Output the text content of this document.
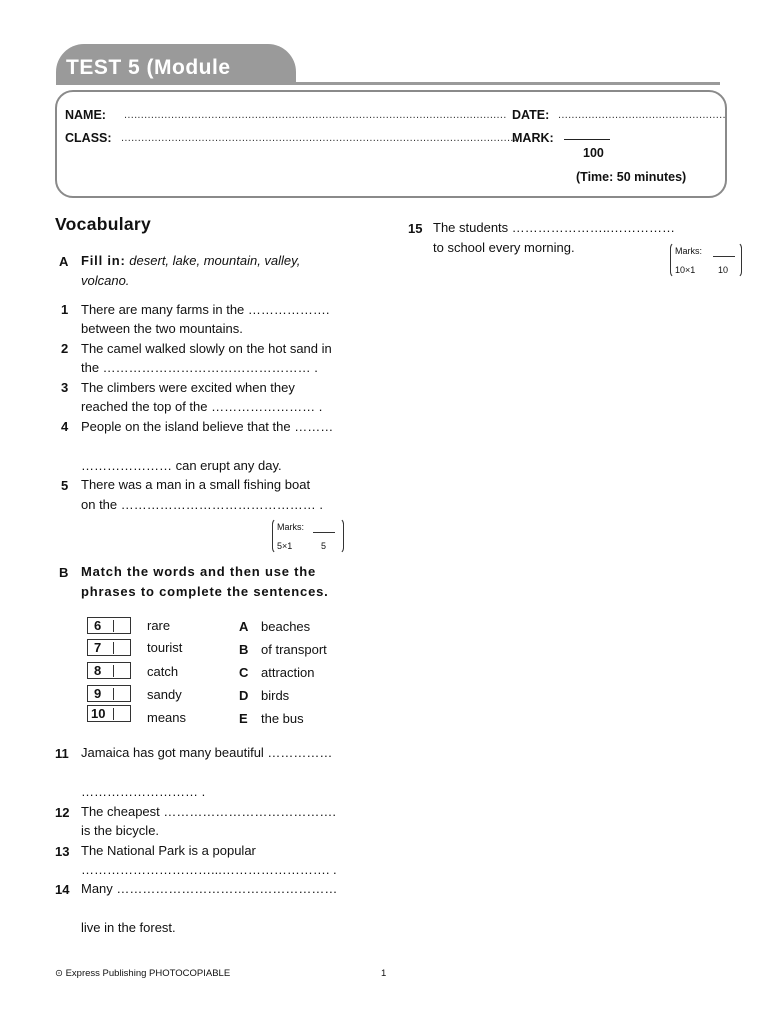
TEST 5 (Module
NAME: .................................................................................................................. DATE: ..................................................
CLASS: ......................................................................................................................
MARK:
100
(Time: 50 minutes)
Vocabulary
A Fill in: desert, lake, mountain, valley,
volcano.
1 There are many farms in the ……………….
between the two mountains.
2 The camel walked slowly on the hot sand in
the ………………………………………… .
3 The climbers were excited when they
reached the top of the …………………… .
4 People on the island believe that the ………
………………… can erupt any day.
5 There was a man in a small fishing boat
on the ……………………………………… .
Marks:
5×1	5
B Match the words and then use the
phrases to complete the sentences.
6	rare	A beaches
7	tourist	B of transport
8	catch	C attraction
9	sandy	D birds
10	means	E the bus
11 Jamaica has got many beautiful ……………
……………………… .
12 The cheapest ………………………………….
is the bicycle.
13 The National Park is a popular
…………………………...……………………. .
14 Many ……………………………………………
live in the forest.
15 The students …………………..……………
to school every morning.	Marks:
10×1	10
⊙ Express Publishing PHOTOCOPIABLE	1
